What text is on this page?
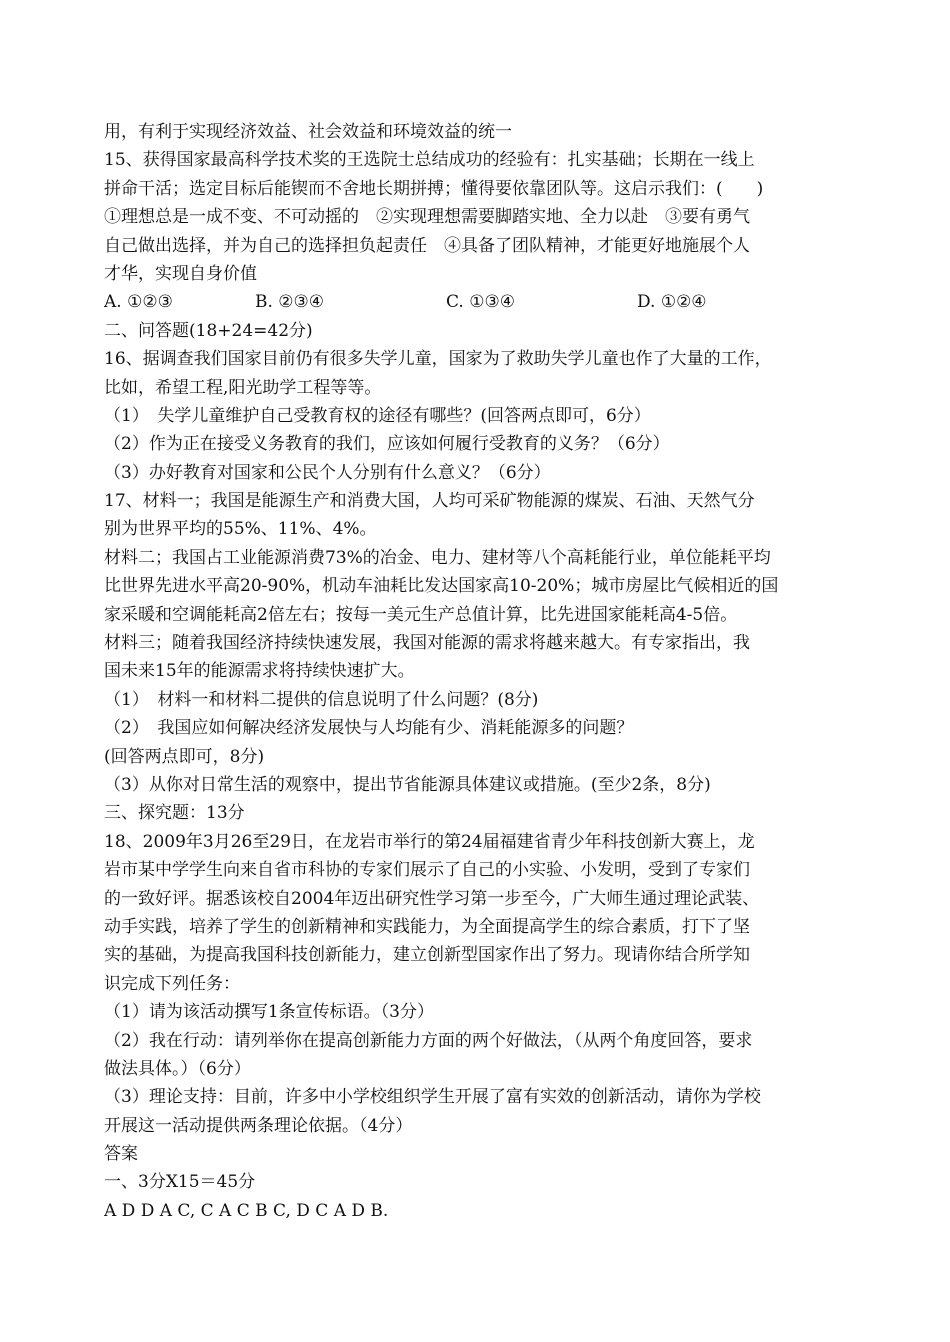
用，有利于实现经济效益、社会效益和环境效益的统一
15、获得国家最高科学技术奖的王选院士总结成功的经验有：扎实基础；长期在一线上
拼命干活；选定目标后能锲而不舍地长期拼搏；懂得要依靠团队等。这启示我们：(　　)
①理想总是一成不变、不可动摇的　②实现理想需要脚踏实地、全力以赴　③要有勇气
自己做出选择，并为自己的选择担负起责任　④具备了团队精神，才能更好地施展个人
才华，实现自身价值
A. ①②③	B. ②③④	C. ①③④	D. ①②④
二、问答题(18+24=42分)
16、据调查我们国家目前仍有很多失学儿童，国家为了救助失学儿童也作了大量的工作，
比如，希望工程,阳光助学工程等等。
（1）　失学儿童维护自己受教育权的途径有哪些？(回答两点即可，6分）
（2）作为正在接受义务教育的我们，应该如何履行受教育的义务？（6分）
（3）办好教育对国家和公民个人分别有什么意义？（6分）
17、材料一；我国是能源生产和消费大国，人均可采矿物能源的煤炭、石油、天然气分
别为世界平均的55%、11%、4%。
材料二；我国占工业能源消费73%的冶金、电力、建材等八个高耗能行业，单位能耗平均
比世界先进水平高20-90%，机动车油耗比发达国家高10-20%；城市房屋比气候相近的国
家采暖和空调能耗高2倍左右；按每一美元生产总值计算，比先进国家能耗高4-5倍。
材料三；随着我国经济持续快速发展，我国对能源的需求将越来越大。有专家指出，我
国未来15年的能源需求将持续快速扩大。
（1）　材料一和材料二提供的信息说明了什么问题？(8分)
（2）　我国应如何解决经济发展快与人均能有少、消耗能源多的问题？
(回答两点即可，8分)
（3）从你对日常生活的观察中，提出节省能源具体建议或措施。(至少2条，8分)
三、探究题：13分
18、2009年3月26至29日，在龙岩市举行的第24届福建省青少年科技创新大赛上，龙
岩市某中学学生向来自省市科协的专家们展示了自己的小实验、小发明，受到了专家们
的一致好评。据悉该校自2004年迈出研究性学习第一步至今，广大师生通过理论武装、
动手实践，培养了学生的创新精神和实践能力，为全面提高学生的综合素质，打下了坚
实的基础，为提高我国科技创新能力，建立创新型国家作出了努力。现请你结合所学知
识完成下列任务：
（1）请为该活动撰写1条宣传标语。（3分）
（2）我在行动：请列举你在提高创新能力方面的两个好做法，（从两个角度回答，要求
做法具体。）（6分）
（3）理论支持：目前，许多中小学校组织学生开展了富有实效的创新活动，请你为学校
开展这一活动提供两条理论依据。（4分）
答案
一、3分X15＝45分
A D D A C, C A C B C, D C A D B.
